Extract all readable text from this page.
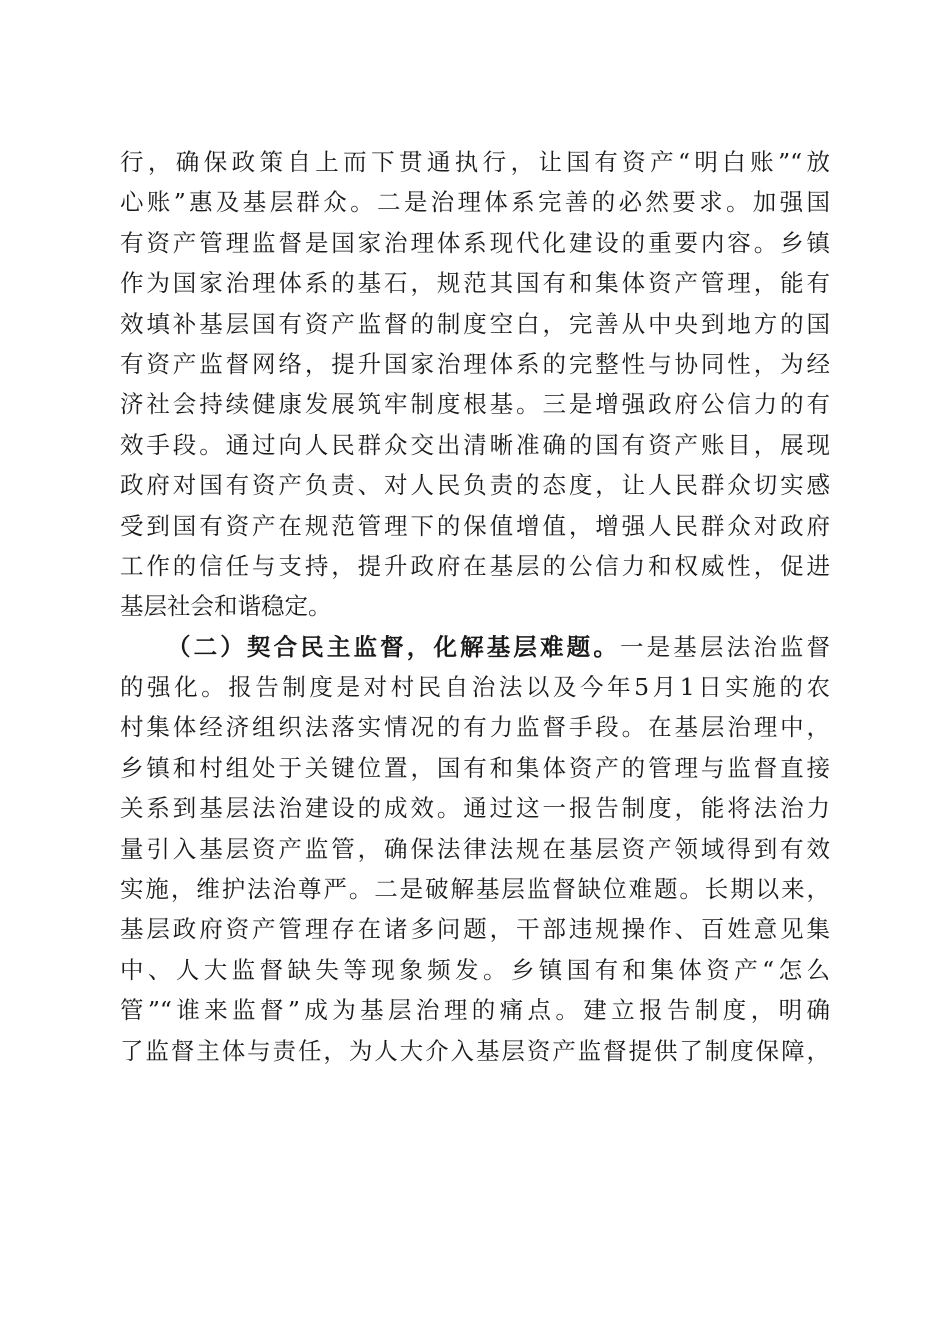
行，确保政策自上而下贯通执行，让国有资产“明白账”“放
心账”惠及基层群众。二是治理体系完善的必然要求。加强国
有资产管理监督是国家治理体系现代化建设的重要内容。乡镇
作为国家治理体系的基石，规范其国有和集体资产管理，能有
效填补基层国有资产监督的制度空白，完善从中央到地方的国
有资产监督网络，提升国家治理体系的完整性与协同性，为经
济社会持续健康发展筑牢制度根基。三是增强政府公信力的有
效手段。通过向人民群众交出清晰准确的国有资产账目，展现
政府对国有资产负责、对人民负责的态度，让人民群众切实感
受到国有资产在规范管理下的保值增值，增强人民群众对政府
工作的信任与支持，提升政府在基层的公信力和权威性，促进
基层社会和谐稳定。
（二）契合民主监督，化解基层难题。一是基层法治监督
的强化。报告制度是对村民自治法以及今年5月1日实施的农
村集体经济组织法落实情况的有力监督手段。在基层治理中，
乡镇和村组处于关键位置，国有和集体资产的管理与监督直接
关系到基层法治建设的成效。通过这一报告制度，能将法治力
量引入基层资产监管，确保法律法规在基层资产领域得到有效
实施，维护法治尊严。二是破解基层监督缺位难题。长期以来，
基层政府资产管理存在诸多问题，干部违规操作、百姓意见集
中、人大监督缺失等现象频发。乡镇国有和集体资产“怎么
管”“谁来监督”成为基层治理的痛点。建立报告制度，明确
了监督主体与责任，为人大介入基层资产监督提供了制度保障，
